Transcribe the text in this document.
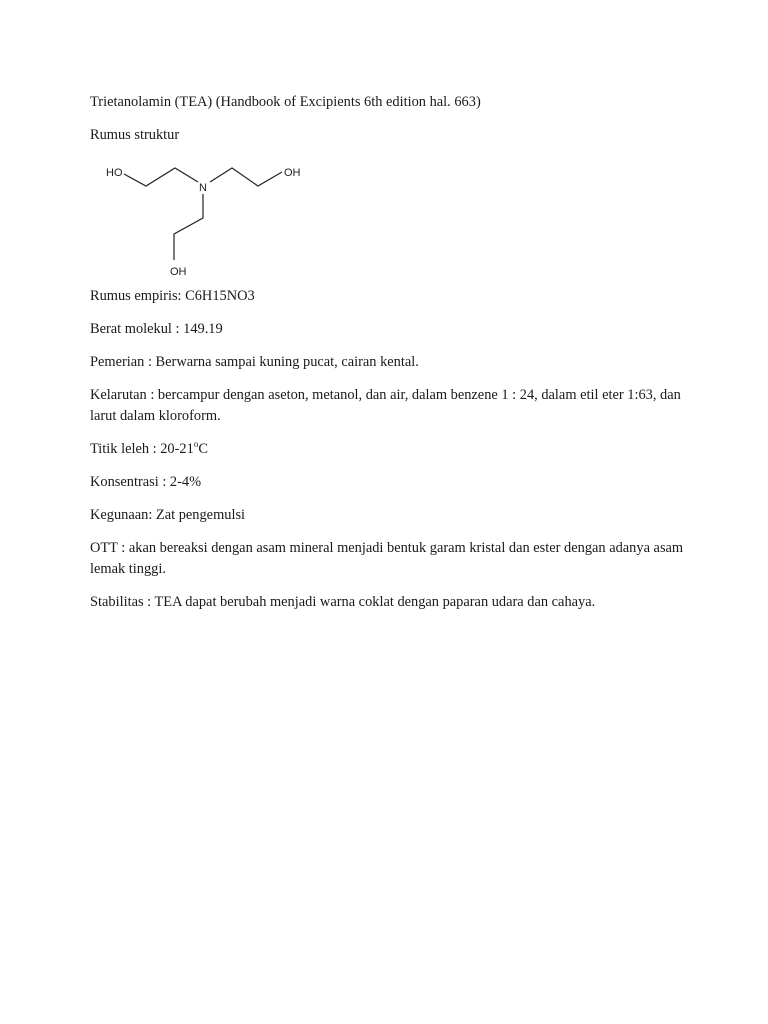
Trietanolamin (TEA) (Handbook of Excipients 6th edition hal. 663)

Rumus struktur

HO
N
OH
OH

Rumus empiris: C6H15NO3

Berat molekul : 149.19

Pemerian : Berwarna sampai kuning pucat, cairan kental.

Kelarutan : bercampur dengan aseton, metanol, dan air, dalam benzene 1 : 24, dalam etil eter 1:63, dan larut dalam kloroform.

Titik leleh : 20-21$^o$C

Konsentrasi : 2-4%

Kegunaan: Zat pengemulsi

OTT : akan bereaksi dengan asam mineral menjadi bentuk garam kristal dan ester dengan adanya asam lemak tinggi.

Stabilitas : TEA dapat berubah menjadi warna coklat dengan paparan udara dan cahaya.
